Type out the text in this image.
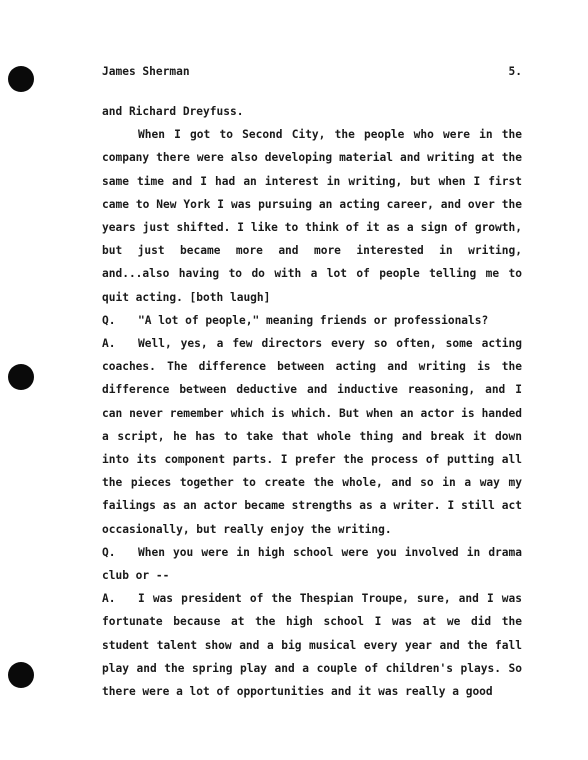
James Sherman	5.

and Richard Dreyfuss.

When I got to Second City, the people who were in the company there were also developing material and writing at the same time and I had an interest in writing, but when I first came to New York I was pursuing an acting career, and over the years just shifted. I like to think of it as a sign of growth, but just became more and more interested in writing, and...also having to do with a lot of people telling me to quit acting. [both laugh]

Q. "A lot of people," meaning friends or professionals?

A. Well, yes, a few directors every so often, some acting coaches. The difference between acting and writing is the difference between deductive and inductive reasoning, and I can never remember which is which. But when an actor is handed a script, he has to take that whole thing and break it down into its component parts. I prefer the process of putting all the pieces together to create the whole, and so in a way my failings as an actor became strengths as a writer. I still act occasionally, but really enjoy the writing.

Q. When you were in high school were you involved in drama club or --

A. I was president of the Thespian Troupe, sure, and I was fortunate because at the high school I was at we did the student talent show and a big musical every year and the fall play and the spring play and a couple of children's plays. So there were a lot of opportunities and it was really a good
